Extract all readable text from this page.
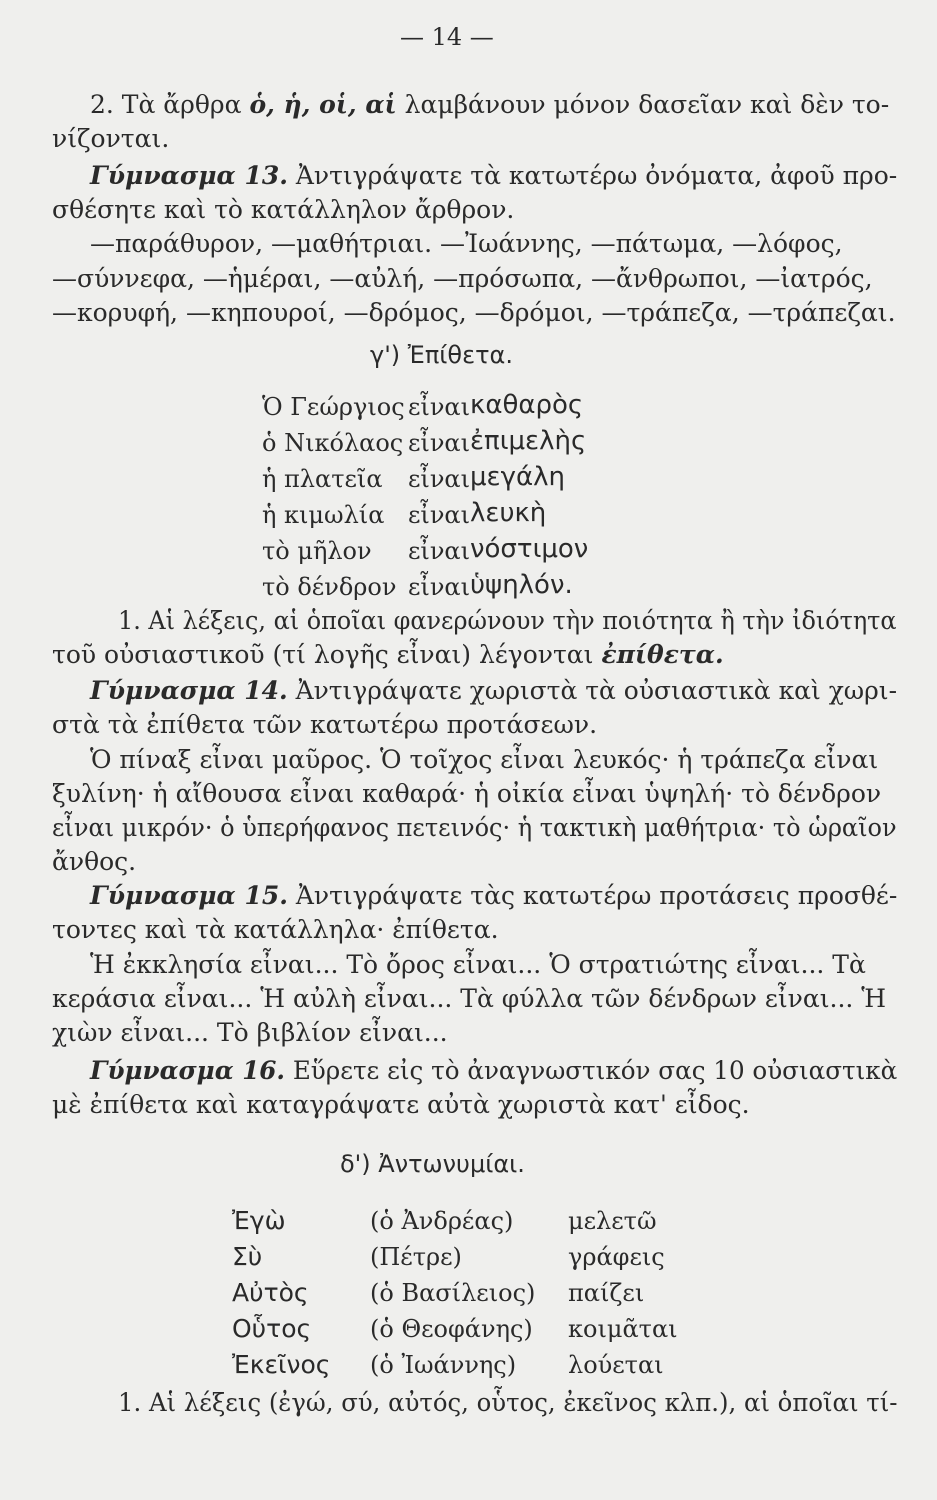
— 14 —
2. Τὰ ἄρθρα ὁ, ἡ, οἱ, αἱ λαμβάνουν μόνον δασεῖαν καὶ δὲν το-
νίζονται.
Γύμνασμα 13. Ἀντιγράψατε τὰ κατωτέρω ὀνόματα, ἀφοῦ προ-
σθέσητε καὶ τὸ κατάλληλον ἄρθρον.
—παράθυρον, —μαθήτριαι. —Ἰωάννης, —πάτωμα, —λόφος,
—σύννεφα, —ἡμέραι, —αὐλή, —πρόσωπα, —ἄνθρωποι, —ἰατρός,
—κορυφή, —κηπουροί, —δρόμος, —δρόμοι, —τράπεζα, —τράπεζαι.
γ') Ἐπίθετα.
Ὁ Γεώργιος εἶναι καθαρὸς
ὁ Νικόλαος εἶναι ἐπιμελὴς
ἡ πλατεῖα εἶναι μεγάλη
ἡ κιμωλία εἶναι λευκὴ
τὸ μῆλον εἶναι νόστιμον
τὸ δένδρον εἶναι ὑψηλόν.
1. Αἱ λέξεις, αἱ ὁποῖαι φανερώνουν τὴν ποιότητα ἢ τὴν ἰδιότητα
τοῦ οὐσιαστικοῦ (τί λογῆς εἶναι) λέγονται ἐπίθετα.
Γύμνασμα 14. Ἀντιγράψατε χωριστὰ τὰ οὐσιαστικὰ καὶ χωρι-
στὰ τὰ ἐπίθετα τῶν κατωτέρω προτάσεων.
Ὁ πίναξ εἶναι μαῦρος. Ὁ τοῖχος εἶναι λευκός· ἡ τράπεζα εἶναι
ξυλίνη· ἡ αἴθουσα εἶναι καθαρά· ἡ οἰκία εἶναι ὑψηλή· τὸ δένδρον
εἶναι μικρόν· ὁ ὑπερήφανος πετεινός· ἡ τακτικὴ μαθήτρια· τὸ ὡραῖον
ἄνθος.
Γύμνασμα 15. Ἀντιγράψατε τὰς κατωτέρω προτάσεις προσθέ-
τοντες καὶ τὰ κατάλληλα· ἐπίθετα.
Ἡ ἐκκλησία εἶναι... Τὸ ὄρος εἶναι... Ὁ στρατιώτης εἶναι... Τὰ
κεράσια εἶναι... Ἡ αὐλὴ εἶναι... Τὰ φύλλα τῶν δένδρων εἶναι... Ἡ
χιὼν εἶναι... Τὸ βιβλίον εἶναι...
Γύμνασμα 16. Εὕρετε εἰς τὸ ἀναγνωστικόν σας 10 οὐσιαστικὰ
μὲ ἐπίθετα καὶ καταγράψατε αὐτὰ χωριστὰ κατ' εἶδος.
δ') Ἀντωνυμίαι.
Ἐγὼ	(ὁ Ἀνδρέας) μελετῶ
Σὺ	(Πέτρε)	γράφεις
Αὐτὸς	(ὁ Βασίλειος) παίζει
Οὗτος (ὁ Θεοφάνης) κοιμᾶται
Ἐκεῖνος (ὁ Ἰωάννης) λούεται
1. Αἱ λέξεις (ἐγώ, σύ, αὐτός, οὗτος, ἐκεῖνος κλπ.), αἱ ὁποῖαι τί-
